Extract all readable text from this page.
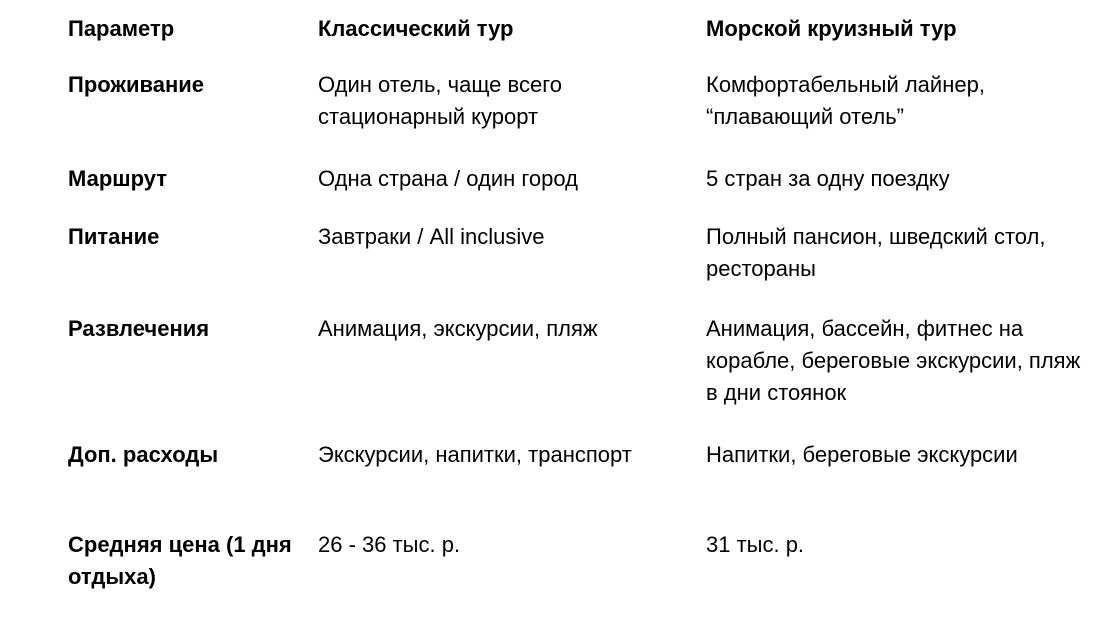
Параметр	Классический тур	Морской круизный тур
Проживание	Один отель, чаще всего стационарный курорт	Комфортабельный лайнер, “плавающий отель”
Маршрут	Одна страна / один город	5 стран за одну поездку
Питание	Завтраки / All inclusive	Полный пансион, шведский стол, рестораны
Развлечения	Анимация, экскурсии, пляж	Анимация, бассейн, фитнес на корабле, береговые экскурсии, пляж в дни стоянок
Доп. расходы	Экскурсии, напитки, транспорт	Напитки, береговые экскурсии
Средняя цена (1 дня отдыха)	26 - 36 тыс. р.	31 тыс. р.
